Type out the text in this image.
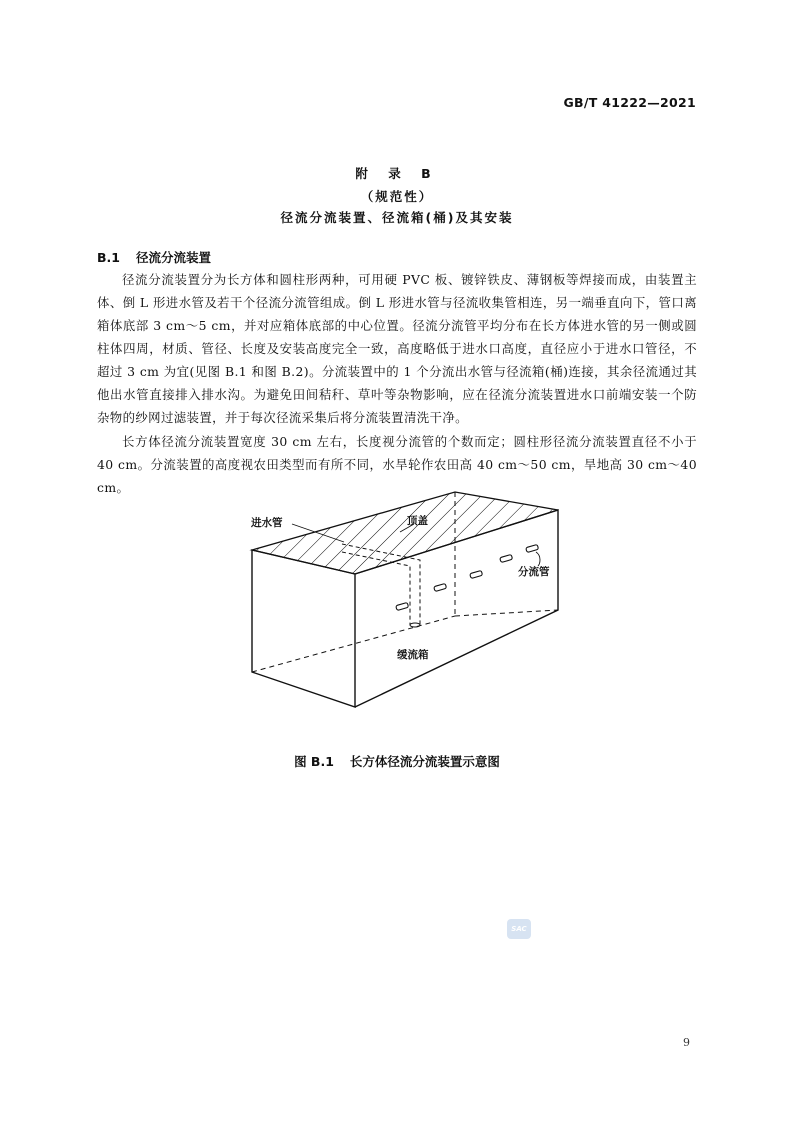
GB/T 41222—2021
附 录 B
（规范性）
径流分流装置、径流箱(桶)及其安装
B.1 径流分流装置

径流分流装置分为长方体和圆柱形两种，可用硬 PVC 板、镀锌铁皮、薄钢板等焊接而成，由装置主体、倒 L 形进水管及若干个径流分流管组成。倒 L 形进水管与径流收集管相连，另一端垂直向下，管口离箱体底部 3 cm～5 cm，并对应箱体底部的中心位置。径流分流管平均分布在长方体进水管的另一侧或圆柱体四周，材质、管径、长度及安装高度完全一致，高度略低于进水口高度，直径应小于进水口管径，不超过 3 cm 为宜(见图 B.1 和图 B.2)。分流装置中的 1 个分流出水管与径流箱(桶)连接，其余径流通过其他出水管直接排入排水沟。为避免田间秸秆、草叶等杂物影响，应在径流分流装置进水口前端安装一个防杂物的纱网过滤装置，并于每次径流采集后将分流装置清洗干净。

长方体径流分流装置宽度 30 cm 左右，长度视分流管的个数而定；圆柱形径流分流装置直径不小于 40 cm。分流装置的高度视农田类型而有所不同，水旱轮作农田高 40 cm～50 cm，旱地高 30 cm～40 cm。

进水管	顶盖
分流管
缓流箱
图 B.1 长方体径流分流装置示意图
SAC
9
